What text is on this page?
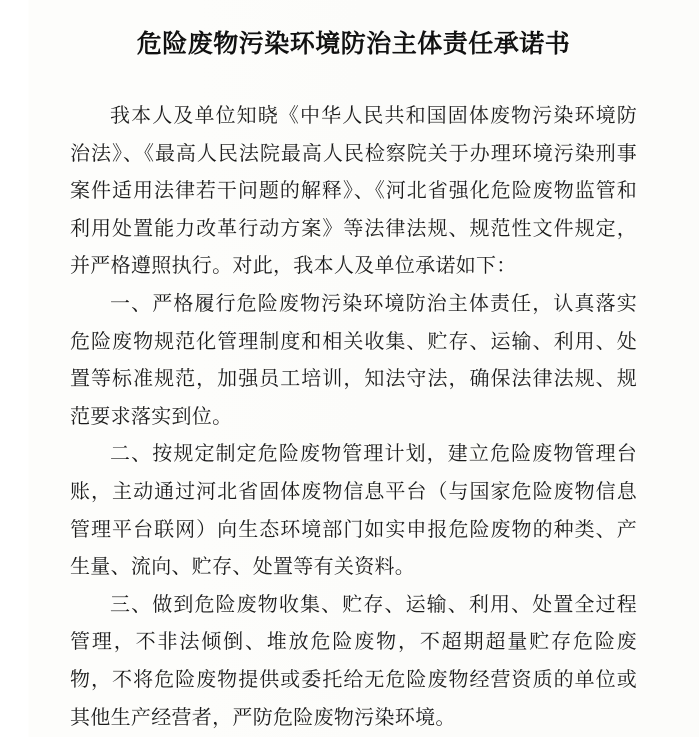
危险废物污染环境防治主体责任承诺书

我本人及单位知晓《中华人民共和国固体废物污染环境防治法》、《最高人民法院最高人民检察院关于办理环境污染刑事案件适用法律若干问题的解释》、《河北省强化危险废物监管和利用处置能力改革行动方案》等法律法规、规范性文件规定，并严格遵照执行。对此，我本人及单位承诺如下：

一、严格履行危险废物污染环境防治主体责任，认真落实危险废物规范化管理制度和相关收集、贮存、运输、利用、处置等标准规范，加强员工培训，知法守法，确保法律法规、规范要求落实到位。

二、按规定制定危险废物管理计划，建立危险废物管理台账，主动通过河北省固体废物信息平台（与国家危险废物信息管理平台联网）向生态环境部门如实申报危险废物的种类、产生量、流向、贮存、处置等有关资料。

三、做到危险废物收集、贮存、运输、利用、处置全过程管理，不非法倾倒、堆放危险废物，不超期超量贮存危险废物，不将危险废物提供或委托给无危险废物经营资质的单位或其他生产经营者，严防危险废物污染环境。
